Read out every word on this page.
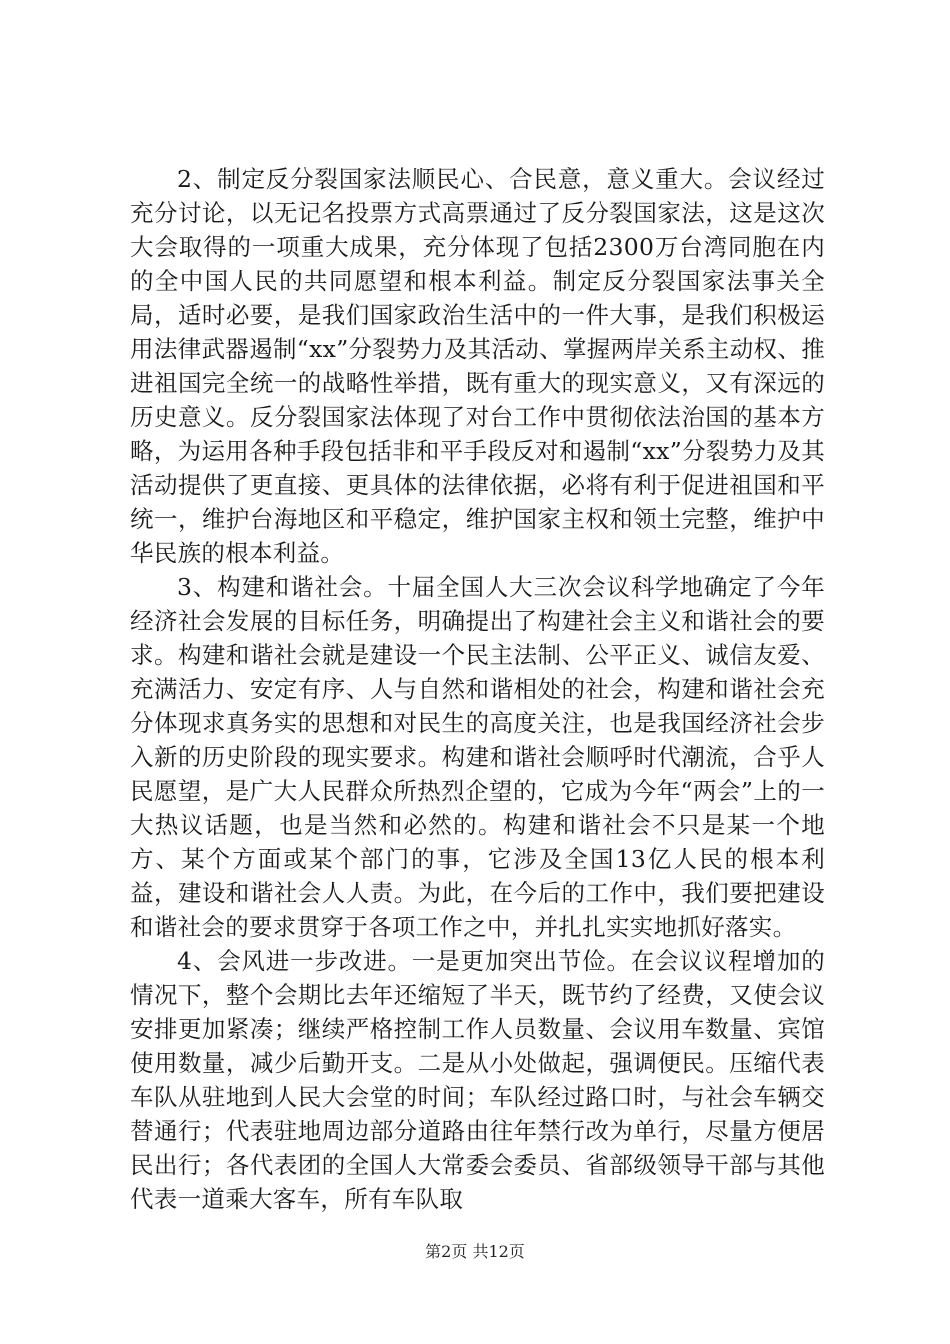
2、制定反分裂国家法顺民心、合民意，意义重大。会议经过充分讨论，以无记名投票方式高票通过了反分裂国家法，这是这次大会取得的一项重大成果，充分体现了包括2300万台湾同胞在内的全中国人民的共同愿望和根本利益。制定反分裂国家法事关全局，适时必要，是我们国家政治生活中的一件大事，是我们积极运用法律武器遏制“xx”分裂势力及其活动、掌握两岸关系主动权、推进祖国完全统一的战略性举措，既有重大的现实意义，又有深远的历史意义。反分裂国家法体现了对台工作中贯彻依法治国的基本方略，为运用各种手段包括非和平手段反对和遏制“xx”分裂势力及其活动提供了更直接、更具体的法律依据，必将有利于促进祖国和平统一，维护台海地区和平稳定，维护国家主权和领土完整，维护中华民族的根本利益。

3、构建和谐社会。十届全国人大三次会议科学地确定了今年经济社会发展的目标任务，明确提出了构建社会主义和谐社会的要求。构建和谐社会就是建设一个民主法制、公平正义、诚信友爱、充满活力、安定有序、人与自然和谐相处的社会，构建和谐社会充分体现求真务实的思想和对民生的高度关注，也是我国经济社会步入新的历史阶段的现实要求。构建和谐社会顺呼时代潮流，合乎人民愿望，是广大人民群众所热烈企望的，它成为今年“两会”上的一大热议话题，也是当然和必然的。构建和谐社会不只是某一个地方、某个方面或某个部门的事，它涉及全国13亿人民的根本利益，建设和谐社会人人责。为此，在今后的工作中，我们要把建设和谐社会的要求贯穿于各项工作之中，并扎扎实实地抓好落实。

4、会风进一步改进。一是更加突出节俭。在会议议程增加的情况下，整个会期比去年还缩短了半天，既节约了经费，又使会议安排更加紧凑；继续严格控制工作人员数量、会议用车数量、宾馆使用数量，减少后勤开支。二是从小处做起，强调便民。压缩代表车队从驻地到人民大会堂的时间；车队经过路口时，与社会车辆交替通行；代表驻地周边部分道路由往年禁行改为单行，尽量方便居民出行；各代表团的全国人大常委会委员、省部级领导干部与其他代表一道乘大客车，所有车队取

第2页 共12页
